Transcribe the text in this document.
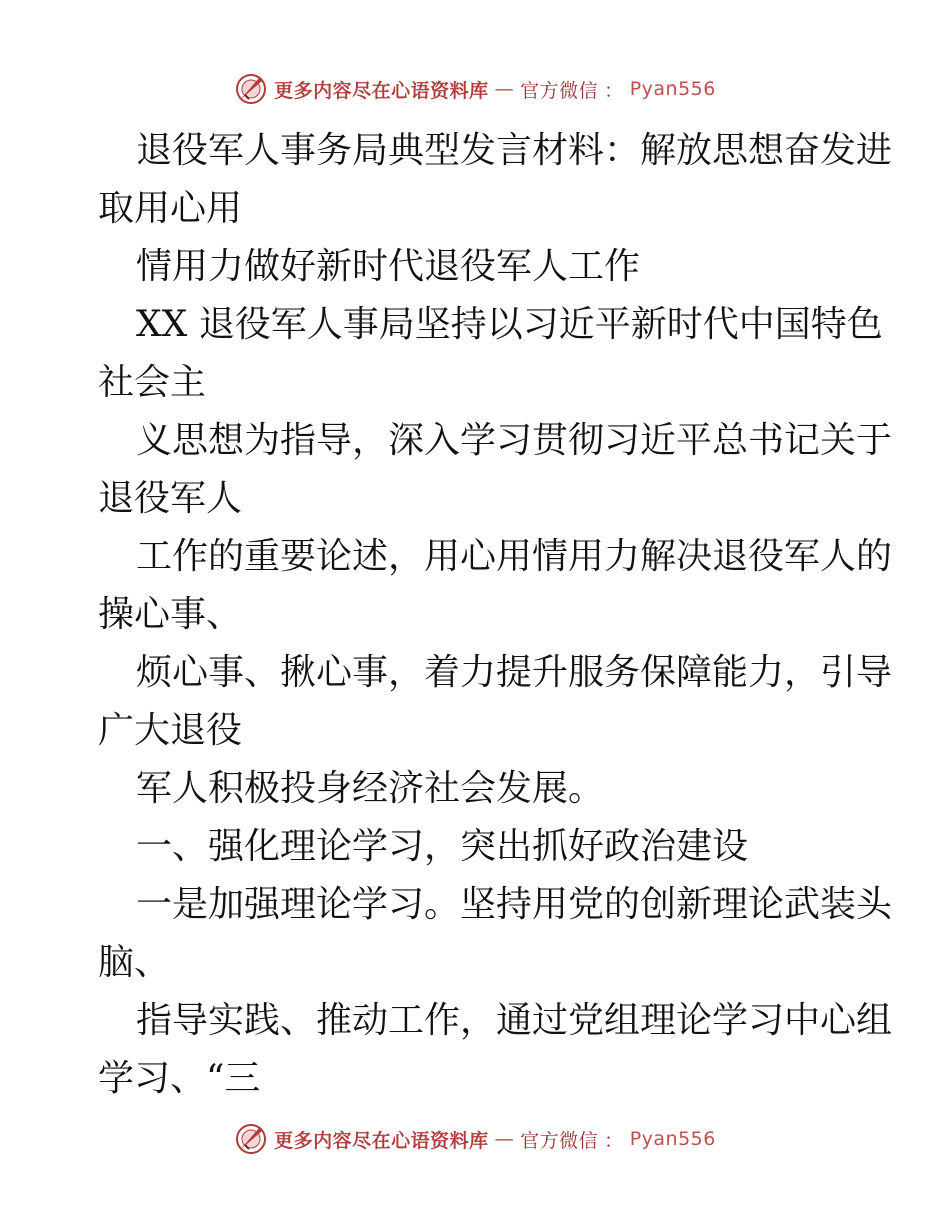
更多内容尽在心语资料库 — 官方微信 ： Pyan556
退役军人事务局典型发言材料：解放思想奋发进
取用心用
情用力做好新时代退役军人工作
XX 退役军人事局坚持以习近平新时代中国特色
社会主
义思想为指导，深入学习贯彻习近平总书记关于
退役军人
工作的重要论述，用心用情用力解决退役军人的
操心事、
烦心事、揪心事，着力提升服务保障能力，引导
广大退役
军人积极投身经济社会发展。
一、强化理论学习，突出抓好政治建设
一是加强理论学习。坚持用党的创新理论武装头
脑、
指导实践、推动工作，通过党组理论学习中心组
学习、“三
更多内容尽在心语资料库 — 官方微信 ： Pyan556
